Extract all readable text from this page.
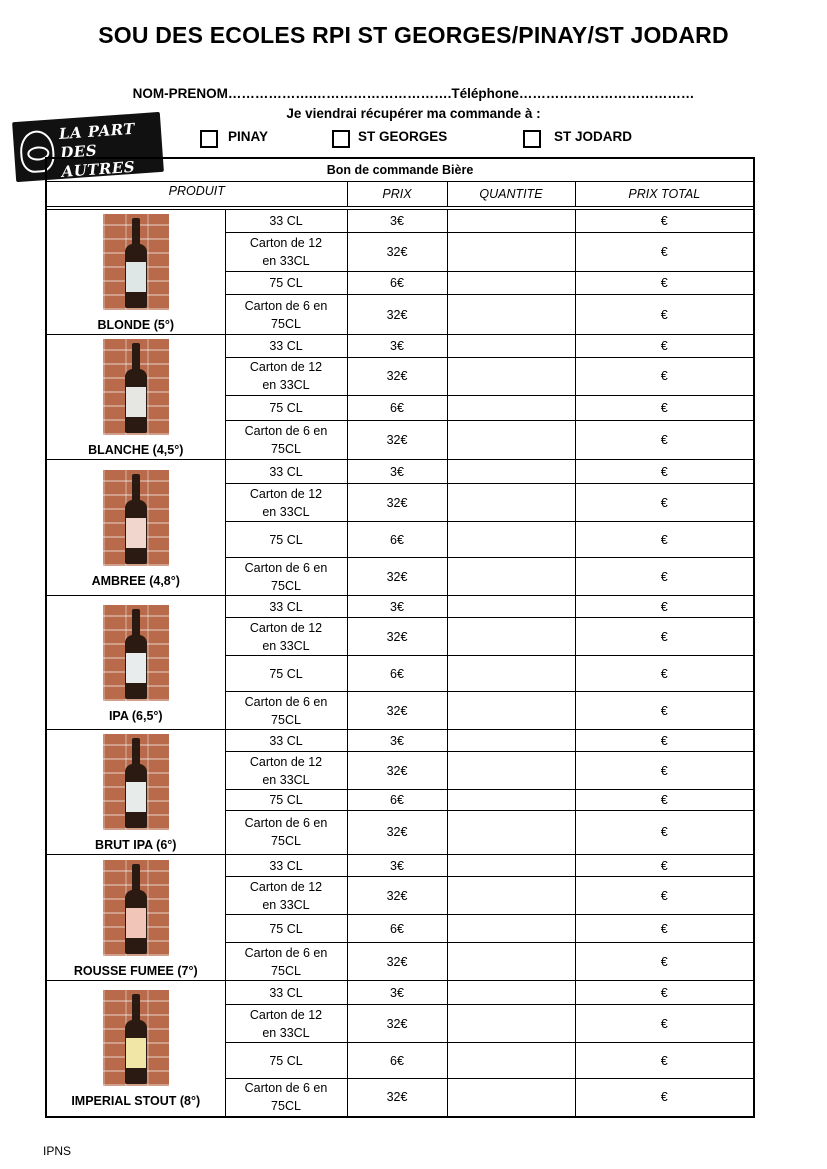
SOU DES ECOLES RPI ST GEORGES/PINAY/ST JODARD
NOM-PRENOM……………….………………………….Téléphone…………………………………
Je viendrai récupérer ma commande à :
LA PART
DES AUTRES
PINAY	ST GEORGES	ST JODARD
Bon de commande Bière				
PRODUIT		PRIX	QUANTITE	PRIX TOTAL

BLONDE (5°)	33 CL	3€		€
	Carton de 12 en 33CL	32€		€
	75 CL	6€		€
	Carton de 6 en 75CL	32€		€

BLANCHE (4,5°)	33 CL	3€		€
	Carton de 12 en 33CL	32€		€
	75 CL	6€		€
	Carton de 6 en 75CL	32€		€

AMBREE (4,8°)	33 CL	3€		€
	Carton de 12 en 33CL	32€		€
	75 CL	6€		€
	Carton de 6 en 75CL	32€		€

IPA (6,5°)	33 CL	3€		€
	Carton de 12 en 33CL	32€		€
	75 CL	6€		€
	Carton de 6 en 75CL	32€		€

BRUT IPA (6°)	33 CL	3€		€
	Carton de 12 en 33CL	32€		€
	75 CL	6€		€
	Carton de 6 en 75CL	32€		€

ROUSSE FUMEE (7°)	33 CL	3€		€
	Carton de 12 en 33CL	32€		€
	75 CL	6€		€
	Carton de 6 en 75CL	32€		€

IMPERIAL STOUT (8°)	33 CL	3€		€
	Carton de 12 en 33CL	32€		€
	75 CL	6€		€
	Carton de 6 en 75CL	32€		€
IPNS
